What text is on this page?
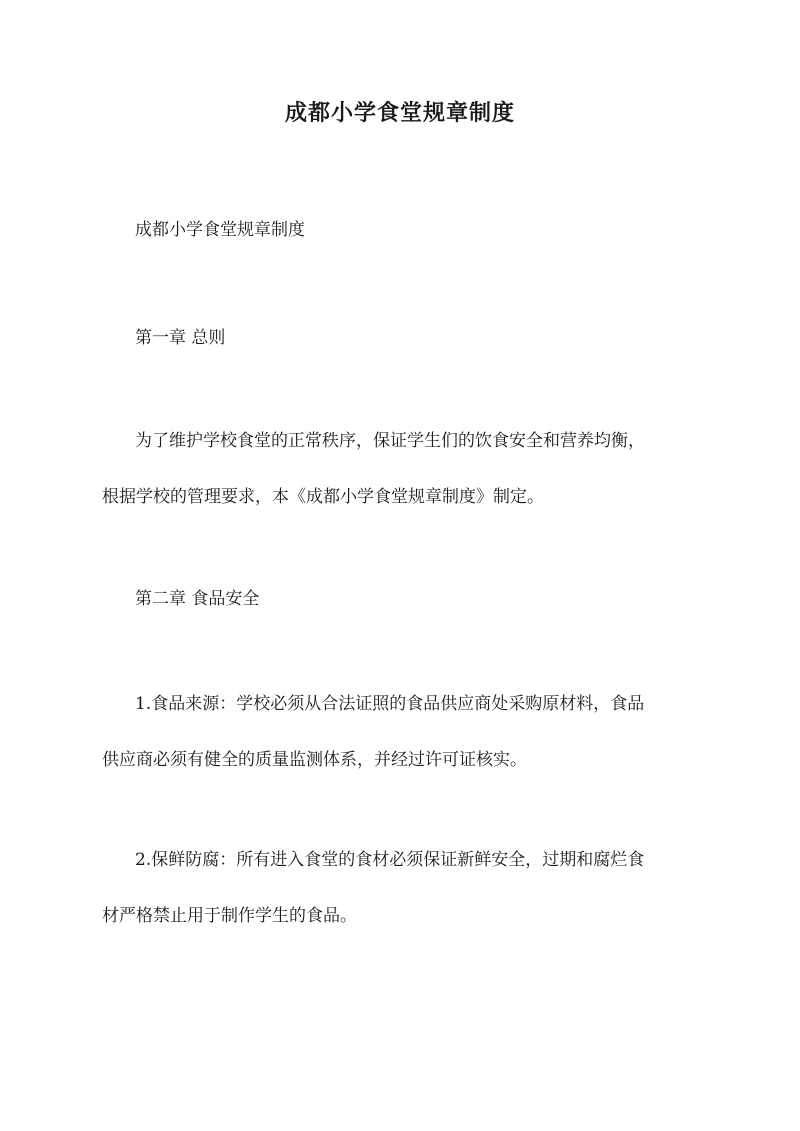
成都小学食堂规章制度

成都小学食堂规章制度

第一章 总则

为了维护学校食堂的正常秩序，保证学生们的饮食安全和营养均衡，
根据学校的管理要求，本《成都小学食堂规章制度》制定。

第二章 食品安全

1.食品来源：学校必须从合法证照的食品供应商处采购原材料，食品
供应商必须有健全的质量监测体系，并经过许可证核实。

2.保鲜防腐：所有进入食堂的食材必须保证新鲜安全，过期和腐烂食
材严格禁止用于制作学生的食品。
